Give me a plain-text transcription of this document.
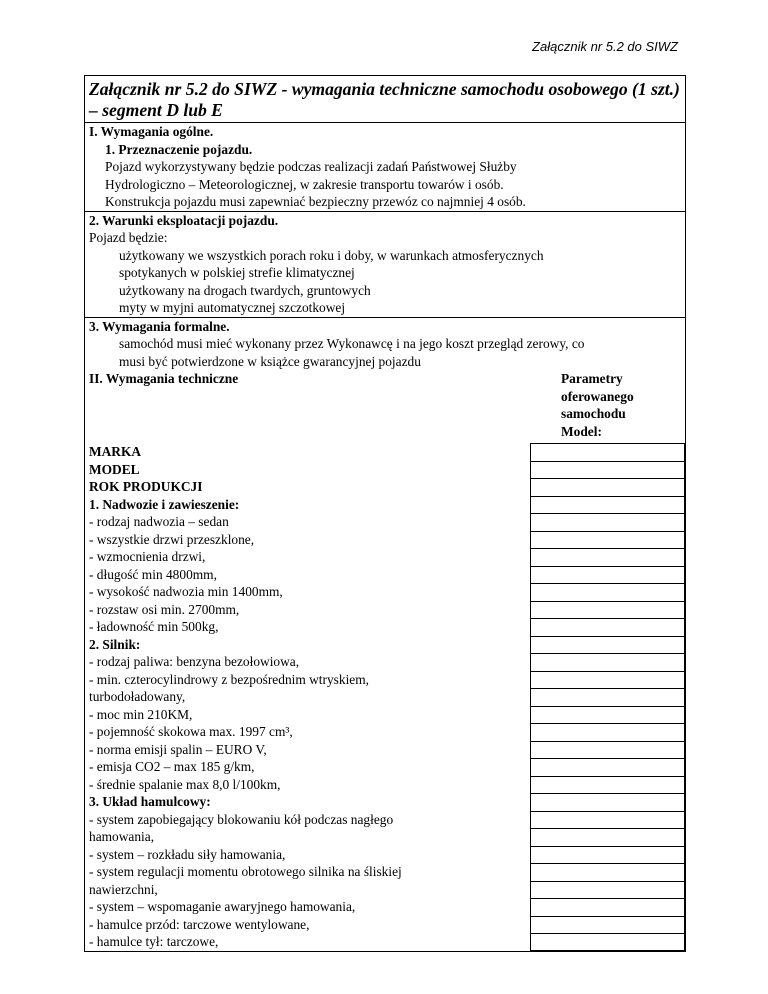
Załącznik nr 5.2 do SIWZ
Załącznik nr 5.2 do SIWZ - wymagania techniczne samochodu osobowego (1 szt.) – segment D lub E
I. Wymagania ogólne.
1. Przeznaczenie pojazdu.
Pojazd wykorzystywany będzie podczas realizacji zadań Państwowej Służby
Hydrologiczno – Meteorologicznej, w zakresie transportu towarów i osób.
Konstrukcja pojazdu musi zapewniać bezpieczny przewóz co najmniej 4 osób.
2. Warunki eksploatacji pojazdu.
Pojazd będzie:
użytkowany we wszystkich porach roku i doby, w warunkach atmosferycznych
spotykanych w polskiej strefie klimatycznej
użytkowany na drogach twardych, gruntowych
myty w myjni automatycznej szczotkowej
3. Wymagania formalne.
samochód musi mieć wykonany przez Wykonawcę i na jego koszt przegląd zerowy, co
musi być potwierdzone w książce gwarancyjnej pojazdu
II. Wymagania techniczne	Parametry
oferowanego
samochodu
Model:
MARKA
MODEL
ROK PRODUKCJI
1. Nadwozie i zawieszenie:
- rodzaj nadwozia – sedan
- wszystkie drzwi przeszklone,
- wzmocnienia drzwi,
- długość min 4800mm,
- wysokość nadwozia min 1400mm,
- rozstaw osi min. 2700mm,
- ładowność min 500kg,
2. Silnik:
- rodzaj paliwa: benzyna bezołowiowa,
- min. czterocylindrowy z bezpośrednim wtryskiem,
turbodoładowany,
- moc min 210KM,
- pojemność skokowa max. 1997 cm³,
- norma emisji spalin – EURO V,
- emisja CO2 – max 185 g/km,
- średnie spalanie max 8,0 l/100km,
3. Układ hamulcowy:
- system zapobiegający blokowaniu kół podczas nagłego
hamowania,
- system – rozkładu siły hamowania,
- system regulacji momentu obrotowego silnika na śliskiej
nawierzchni,
- system – wspomaganie awaryjnego hamowania,
- hamulce przód: tarczowe wentylowane,
- hamulce tył: tarczowe,
